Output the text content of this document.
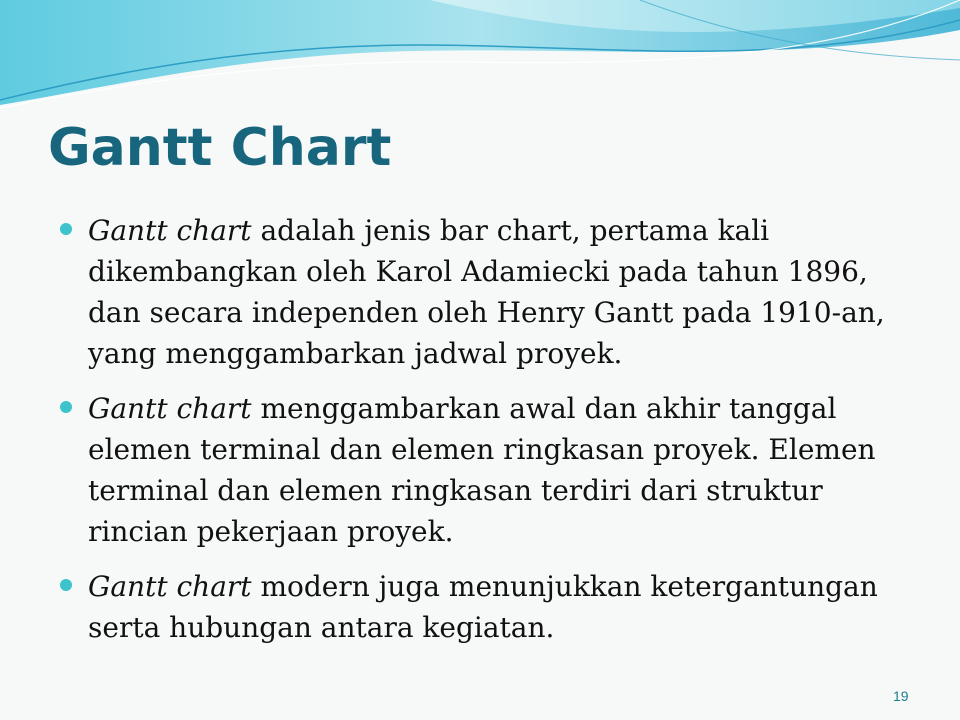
Gantt Chart
Gantt chart adalah jenis bar chart, pertama kali dikembangkan oleh Karol Adamiecki pada tahun 1896, dan secara independen oleh Henry Gantt pada 1910-an, yang menggambarkan jadwal proyek.
Gantt chart menggambarkan awal dan akhir tanggal elemen terminal dan elemen ringkasan proyek. Elemen terminal dan elemen ringkasan terdiri dari struktur rincian pekerjaan proyek.
Gantt chart modern juga menunjukkan ketergantungan serta hubungan antara kegiatan.
19
